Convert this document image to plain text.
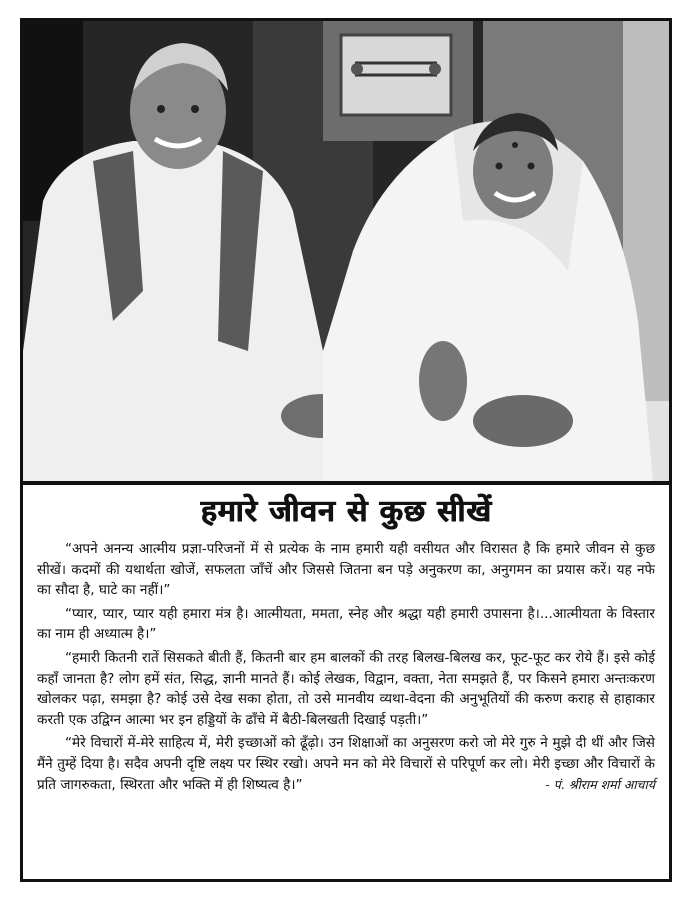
हमारे जीवन से कुछ सीखें

“अपने अनन्य आत्मीय प्रज्ञा-परिजनों में से प्रत्येक के नाम हमारी यही वसीयत और विरासत है कि हमारे जीवन से कुछ सीखें। कदमों की यथार्थता खोजें, सफलता जाँचें और जिससे जितना बन पड़े अनुकरण का, अनुगमन का प्रयास करें। यह नफे का सौदा है, घाटे का नहीं।”

“प्यार, प्यार, प्यार यही हमारा मंत्र है। आत्मीयता, ममता, स्नेह और श्रद्धा यही हमारी उपासना है।...आत्मीयता के विस्तार का नाम ही अध्यात्म है।”

“हमारी कितनी रातें सिसकते बीती हैं, कितनी बार हम बालकों की तरह बिलख-बिलख कर, फूट-फूट कर रोये हैं। इसे कोई कहाँ जानता है? लोग हमें संत, सिद्ध, ज्ञानी मानते हैं। कोई लेखक, विद्वान, वक्ता, नेता समझते हैं, पर किसने हमारा अन्तःकरण खोलकर पढ़ा, समझा है? कोई उसे देख सका होता, तो उसे मानवीय व्यथा-वेदना की अनुभूतियों की करुण कराह से हाहाकार करती एक उद्विग्न आत्मा भर इन हड्डियों के ढाँचे में बैठी-बिलखती दिखाई पड़ती।”

“मेरे विचारों में-मेरे साहित्य में, मेरी इच्छाओं को ढूँढ़ो। उन शिक्षाओं का अनुसरण करो जो मेरे गुरु ने मुझे दी थीं और जिसे मैंने तुम्हें दिया है। सदैव अपनी दृष्टि लक्ष्य पर स्थिर रखो। अपने मन को मेरे विचारों से परिपूर्ण कर लो। मेरी इच्छा और विचारों के प्रति जागरुकता, स्थिरता और भक्ति में ही शिष्यत्व है।”	- पं. श्रीराम शर्मा आचार्य
